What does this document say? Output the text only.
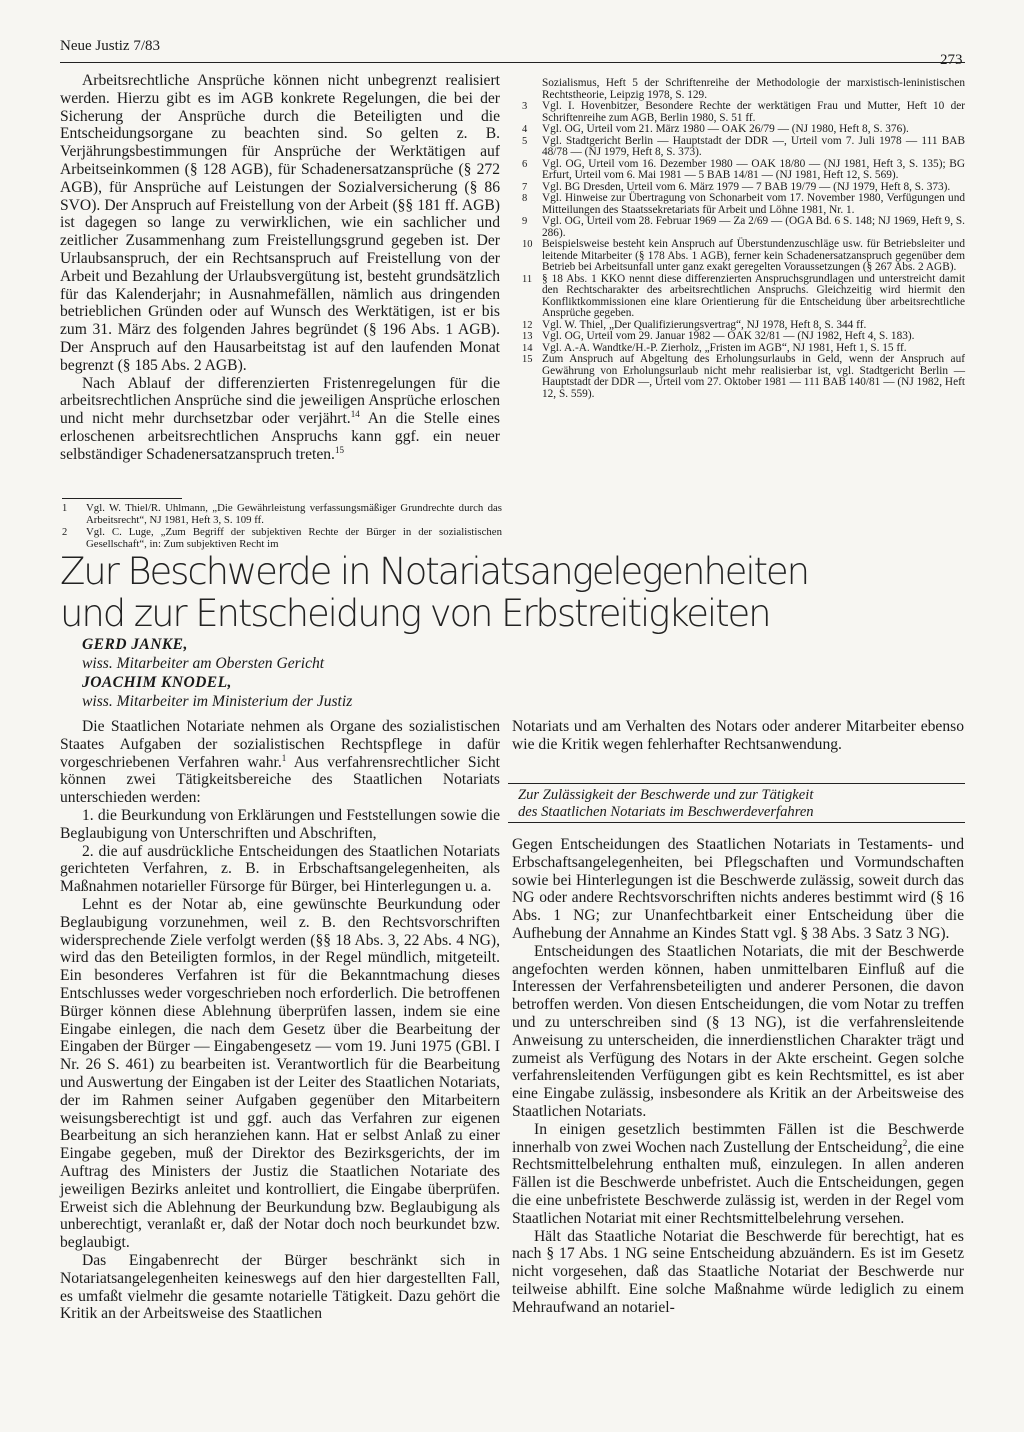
Neue Justiz 7/83
273

Arbeitsrechtliche Ansprüche können nicht unbegrenzt realisiert werden. Hierzu gibt es im AGB konkrete Regelungen, die bei der Sicherung der Ansprüche durch die Beteiligten und die Entscheidungsorgane zu beachten sind. So gelten z. B. Verjährungsbestimmungen für Ansprüche der Werktätigen auf Arbeitseinkommen (§ 128 AGB), für Schadenersatzansprüche (§ 272 AGB), für Ansprüche auf Leistungen der Sozialversicherung (§ 86 SVO). Der Anspruch auf Freistellung von der Arbeit (§§ 181 ff. AGB) ist dagegen so lange zu verwirklichen, wie ein sachlicher und zeitlicher Zusammenhang zum Freistellungsgrund gegeben ist. Der Urlaubsanspruch, der ein Rechtsanspruch auf Freistellung von der Arbeit und Bezahlung der Urlaubsvergütung ist, besteht grundsätzlich für das Kalenderjahr; in Ausnahmefällen, nämlich aus dringenden betrieblichen Gründen oder auf Wunsch des Werktätigen, ist er bis zum 31. März des folgenden Jahres begründet (§ 196 Abs. 1 AGB). Der Anspruch auf den Hausarbeitstag ist auf den laufenden Monat begrenzt (§ 185 Abs. 2 AGB).

Nach Ablauf der differenzierten Fristenregelungen für die arbeitsrechtlichen Ansprüche sind die jeweiligen Ansprüche erloschen und nicht mehr durchsetzbar oder verjährt.$^{14}$ An die Stelle eines erloschenen arbeitsrechtlichen Anspruchs kann ggf. ein neuer selbständiger Schadenersatzanspruch treten.$^{15}$

1	Vgl. W. Thiel/R. Uhlmann, „Die Gewährleistung verfassungsmäßiger Grundrechte durch das Arbeitsrecht“, NJ 1981, Heft 3, S. 109 ff.
2	Vgl. C. Luge, „Zum Begriff der subjektiven Rechte der Bürger in der sozialistischen Gesellschaft“, in: Zum subjektiven Recht im
Sozialismus, Heft 5 der Schriftenreihe der Methodologie der marxistisch-leninistischen Rechtstheorie, Leipzig 1978, S. 129.
3 Vgl. I. Hovenbitzer, Besondere Rechte der werktätigen Frau und Mutter, Heft 10 der Schriftenreihe zum AGB, Berlin 1980, S. 51 ff.
4 Vgl. OG, Urteil vom 21. März 1980 — OAK 26/79 — (NJ 1980, Heft 8, S. 376).
5 Vgl. Stadtgericht Berlin — Hauptstadt der DDR —, Urteil vom 7. Juli 1978 — 111 BAB 48/78 — (NJ 1979, Heft 8, S. 373).
6 Vgl. OG, Urteil vom 16. Dezember 1980 — OAK 18/80 — (NJ 1981, Heft 3, S. 135); BG Erfurt, Urteil vom 6. Mai 1981 — 5 BAB 14/81 — (NJ 1981, Heft 12, S. 569).
7 Vgl. BG Dresden, Urteil vom 6. März 1979 — 7 BAB 19/79 — (NJ 1979, Heft 8, S. 373).
8 Vgl. Hinweise zur Übertragung von Schonarbeit vom 17. November 1980, Verfügungen und Mitteilungen des Staatssekretariats für Arbeit und Löhne 1981, Nr. 1.
9 Vgl. OG, Urteil vom 28. Februar 1969 — Za 2/69 — (OGA Bd. 6 S. 148; NJ 1969, Heft 9, S. 286).
10 Beispielsweise besteht kein Anspruch auf Überstundenzuschläge usw. für Betriebsleiter und leitende Mitarbeiter (§ 178 Abs. 1 AGB), ferner kein Schadenersatzanspruch gegenüber dem Betrieb bei Arbeitsunfall unter ganz exakt geregelten Voraussetzungen (§ 267 Abs. 2 AGB).
11 § 18 Abs. 1 KKO nennt diese differenzierten Anspruchsgrundlagen und unterstreicht damit den Rechtscharakter des arbeitsrechtlichen Anspruchs. Gleichzeitig wird hiermit den Konfliktkommissionen eine klare Orientierung für die Entscheidung über arbeitsrechtliche Ansprüche gegeben.
12 Vgl. W. Thiel, „Der Qualifizierungsvertrag“, NJ 1978, Heft 8, S. 344 ff.
13 Vgl. OG, Urteil vom 29. Januar 1982 — OAK 32/81 — (NJ 1982, Heft 4, S. 183).
14 Vgl. A.-A. Wandtke/H.-P. Zierholz, „Fristen im AGB“, NJ 1981, Heft 1, S. 15 ff.
15 Zum Anspruch auf Abgeltung des Erholungsurlaubs in Geld, wenn der Anspruch auf Gewährung von Erholungsurlaub nicht mehr realisierbar ist, vgl. Stadtgericht Berlin — Hauptstadt der DDR —, Urteil vom 27. Oktober 1981 — 111 BAB 140/81 — (NJ 1982, Heft 12, S. 559).
Zur Beschwerde in Notariatsangelegenheiten
und zur Entscheidung von Erbstreitigkeiten
GERD JANKE,
wiss. Mitarbeiter am Obersten Gericht
JOACHIM KNODEL,
wiss. Mitarbeiter im Ministerium der Justiz

Die Staatlichen Notariate nehmen als Organe des sozialistischen Staates Aufgaben der sozialistischen Rechtspflege in dafür vorgeschriebenen Verfahren wahr.$^1$ Aus verfahrensrechtlicher Sicht können zwei Tätigkeitsbereiche des Staatlichen Notariats unterschieden werden:

1. die Beurkundung von Erklärungen und Feststellungen sowie die Beglaubigung von Unterschriften und Abschriften,

2. die auf ausdrückliche Entscheidungen des Staatlichen Notariats gerichteten Verfahren, z. B. in Erbschaftsangelegenheiten, als Maßnahmen notarieller Fürsorge für Bürger, bei Hinterlegungen u. a.

Lehnt es der Notar ab, eine gewünschte Beurkundung oder Beglaubigung vorzunehmen, weil z. B. den Rechtsvorschriften widersprechende Ziele verfolgt werden (§§ 18 Abs. 3, 22 Abs. 4 NG), wird das den Beteiligten formlos, in der Regel mündlich, mitgeteilt. Ein besonderes Verfahren ist für die Bekanntmachung dieses Entschlusses weder vorgeschrieben noch erforderlich. Die betroffenen Bürger können diese Ablehnung überprüfen lassen, indem sie eine Eingabe einlegen, die nach dem Gesetz über die Bearbeitung der Eingaben der Bürger — Eingabengesetz — vom 19. Juni 1975 (GBl. I Nr. 26 S. 461) zu bearbeiten ist. Verantwortlich für die Bearbeitung und Auswertung der Eingaben ist der Leiter des Staatlichen Notariats, der im Rahmen seiner Aufgaben gegenüber den Mitarbeitern weisungsberechtigt ist und ggf. auch das Verfahren zur eigenen Bearbeitung an sich heranziehen kann. Hat er selbst Anlaß zu einer Eingabe gegeben, muß der Direktor des Bezirksgerichts, der im Auftrag des Ministers der Justiz die Staatlichen Notariate des jeweiligen Bezirks anleitet und kontrolliert, die Eingabe überprüfen. Erweist sich die Ablehnung der Beurkundung bzw. Beglaubigung als unberechtigt, veranlaßt er, daß der Notar doch noch beurkundet bzw. beglaubigt.

Das Eingabenrecht der Bürger beschränkt sich in Notariatsangelegenheiten keineswegs auf den hier dargestellten Fall, es umfaßt vielmehr die gesamte notarielle Tätigkeit. Dazu gehört die Kritik an der Arbeitsweise des Staatlichen

Notariats und am Verhalten des Notars oder anderer Mitarbeiter ebenso wie die Kritik wegen fehlerhafter Rechtsanwendung.

Zur Zulässigkeit der Beschwerde und zur Tätigkeit
des Staatlichen Notariats im Beschwerdeverfahren

Gegen Entscheidungen des Staatlichen Notariats in Testaments- und Erbschaftsangelegenheiten, bei Pflegschaften und Vormundschaften sowie bei Hinterlegungen ist die Beschwerde zulässig, soweit durch das NG oder andere Rechtsvorschriften nichts anderes bestimmt wird (§ 16 Abs. 1 NG; zur Unanfechtbarkeit einer Entscheidung über die Aufhebung der Annahme an Kindes Statt vgl. § 38 Abs. 3 Satz 3 NG).

Entscheidungen des Staatlichen Notariats, die mit der Beschwerde angefochten werden können, haben unmittelbaren Einfluß auf die Interessen der Verfahrensbeteiligten und anderer Personen, die davon betroffen werden. Von diesen Entscheidungen, die vom Notar zu treffen und zu unterschreiben sind (§ 13 NG), ist die verfahrensleitende Anweisung zu unterscheiden, die innerdienstlichen Charakter trägt und zumeist als Verfügung des Notars in der Akte erscheint. Gegen solche verfahrensleitenden Verfügungen gibt es kein Rechtsmittel, es ist aber eine Eingabe zulässig, insbesondere als Kritik an der Arbeitsweise des Staatlichen Notariats.

In einigen gesetzlich bestimmten Fällen ist die Beschwerde innerhalb von zwei Wochen nach Zustellung der Entscheidung$^2$, die eine Rechtsmittelbelehrung enthalten muß, einzulegen. In allen anderen Fällen ist die Beschwerde unbefristet. Auch die Entscheidungen, gegen die eine unbefristete Beschwerde zulässig ist, werden in der Regel vom Staatlichen Notariat mit einer Rechtsmittelbelehrung versehen.

Hält das Staatliche Notariat die Beschwerde für berechtigt, hat es nach § 17 Abs. 1 NG seine Entscheidung abzuändern. Es ist im Gesetz nicht vorgesehen, daß das Staatliche Notariat der Beschwerde nur teilweise abhilft. Eine solche Maßnahme würde lediglich zu einem Mehraufwand an notariel-
